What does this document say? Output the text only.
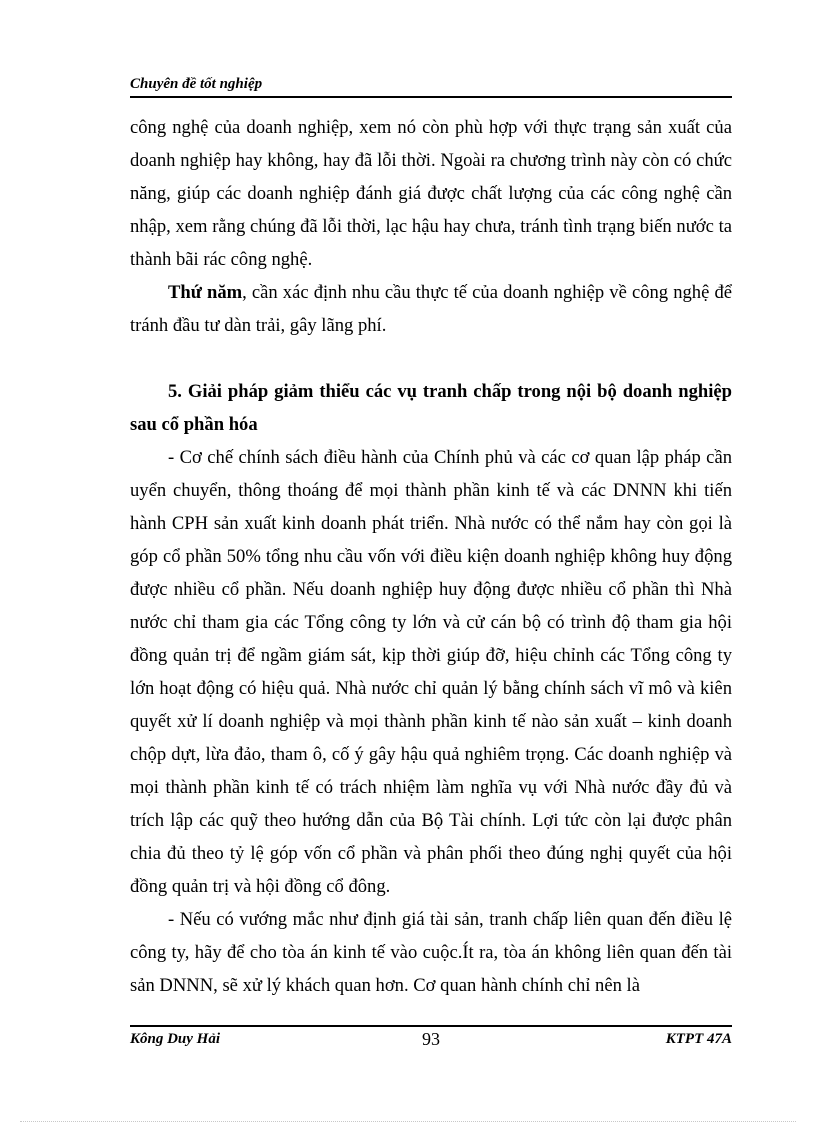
Chuyên đề tốt nghiệp

công nghệ của doanh nghiệp, xem nó còn phù hợp với thực trạng sản xuất của doanh nghiệp hay không, hay đã lỗi thời. Ngoài ra chương trình này còn có chức năng, giúp các doanh nghiệp đánh giá được chất lượng của các công nghệ cần nhập, xem rằng chúng đã lỗi thời, lạc hậu hay chưa, tránh tình trạng biến nước ta thành bãi rác công nghệ.

Thứ năm, cần xác định nhu cầu thực tế của doanh nghiệp về công nghệ để tránh đầu tư dàn trải, gây lãng phí.

5. Giải pháp giảm thiểu các vụ tranh chấp trong nội bộ doanh nghiệp sau cổ phần hóa

- Cơ chế chính sách điều hành của Chính phủ và các cơ quan lập pháp cần uyển chuyển, thông thoáng để mọi thành phần kinh tế và các DNNN khi tiến hành CPH sản xuất kinh doanh phát triển. Nhà nước có thể nắm hay còn gọi là góp cổ phần 50% tổng nhu cầu vốn với điều kiện doanh nghiệp không huy động được nhiều cổ phần. Nếu doanh nghiệp huy động được nhiều cổ phần thì Nhà nước chỉ tham gia các Tổng công ty lớn và cử cán bộ có trình độ tham gia hội đồng quản trị để ngầm giám sát, kịp thời giúp đỡ, hiệu chỉnh các Tổng công ty lớn hoạt động có hiệu quả. Nhà nước chỉ quản lý bằng chính sách vĩ mô và kiên quyết xử lí doanh nghiệp và mọi thành phần kinh tế nào sản xuất – kinh doanh chộp dựt, lừa đảo, tham ô, cố ý gây hậu quả nghiêm trọng. Các doanh nghiệp và mọi thành phần kinh tế có trách nhiệm làm nghĩa vụ với Nhà nước đầy đủ và trích lập các quỹ theo hướng dẫn của Bộ Tài chính. Lợi tức còn lại được phân chia đủ theo tỷ lệ góp vốn cổ phần và phân phối theo đúng nghị quyết của hội đồng quản trị và hội đồng cổ đông.

- Nếu có vướng mắc như định giá tài sản, tranh chấp liên quan đến điều lệ công ty, hãy để cho tòa án kinh tế vào cuộc.Ít ra, tòa án không liên quan đến tài sản DNNN, sẽ xử lý khách quan hơn. Cơ quan hành chính chỉ nên là

Kông Duy Hải	93	KTPT 47A
